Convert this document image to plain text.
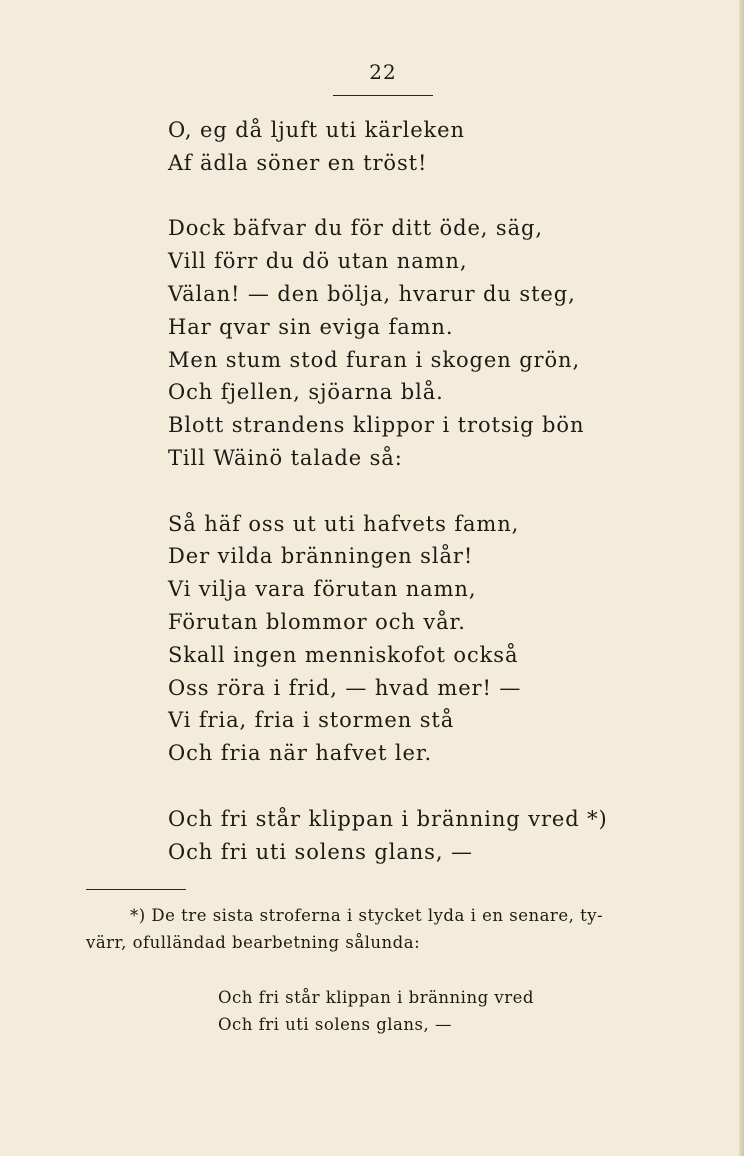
22
O, eg då ljuft uti kärleken
Af ädla söner en tröst!
Dock bäfvar du för ditt öde, säg,
Vill förr du dö utan namn,
Välan! — den bölja, hvarur du steg,
Har qvar sin eviga famn.
Men stum stod furan i skogen grön,
Och fjellen, sjöarna blå.
Blott strandens klippor i trotsig bön
Till Wäinö talade så:
Så häf oss ut uti hafvets famn,
Der vilda bränningen slår!
Vi vilja vara förutan namn,
Förutan blommor och vår.
Skall ingen menniskofot också
Oss röra i frid, — hvad mer! —
Vi fria, fria i stormen stå
Och fria när hafvet ler.
Och fri står klippan i bränning vred *)
Och fri uti solens glans, —
*) De tre sista stroferna i stycket lyda i en senare, ty-
värr, ofulländad bearbetning sålunda:
Och fri står klippan i bränning vred
Och fri uti solens glans, —
